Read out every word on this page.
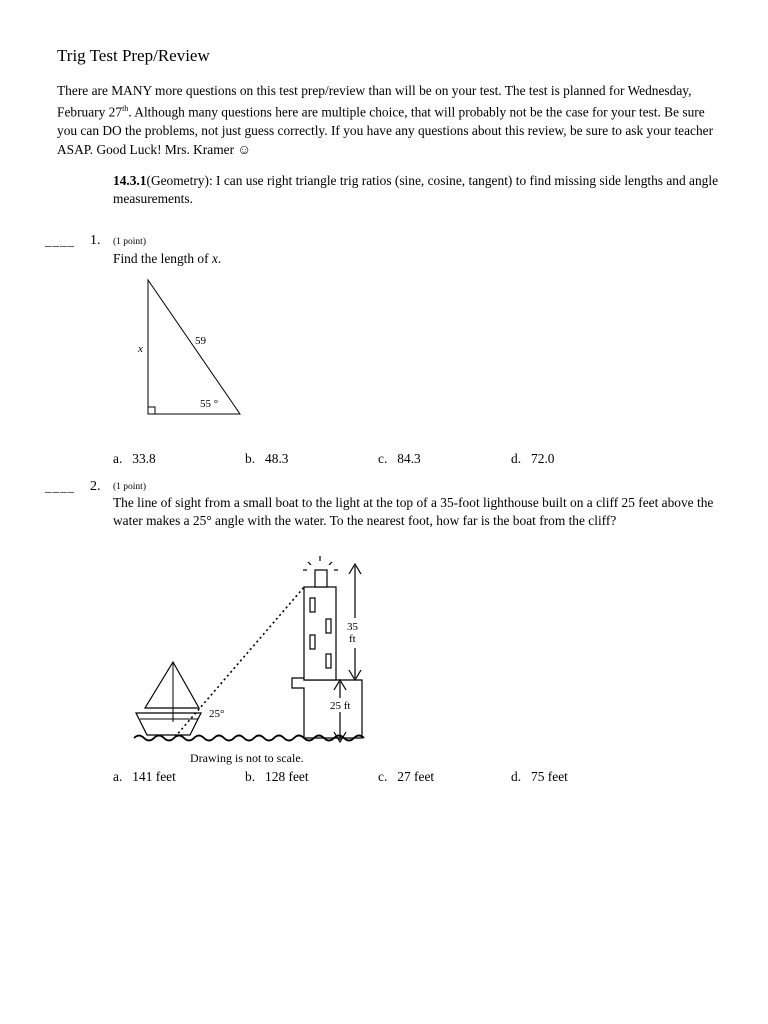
Trig Test Prep/Review
There are MANY more questions on this test prep/review than will be on your test. The test is planned for Wednesday, February 27th. Although many questions here are multiple choice, that will probably not be the case for your test. Be sure you can DO the problems, not just guess correctly. If you have any questions about this review, be sure to ask your teacher ASAP. Good Luck! Mrs. Kramer ☺
14.3.1(Geometry): I can use right triangle trig ratios (sine, cosine, tangent) to find missing side lengths and angle measurements.
____ 1. (1 point)
Find the length of x.
x
59
55 °
a. 33.8	b. 48.3	c. 84.3	d. 72.0
____ 2. (1 point)
The line of sight from a small boat to the light at the top of a 35-foot lighthouse built on a cliff 25 feet above the water makes a 25° angle with the water. To the nearest foot, how far is the boat from the cliff?
35
ft
25 ft
25°
Drawing is not to scale.
a. 141 feet	b. 128 feet	c. 27 feet	d. 75 feet
